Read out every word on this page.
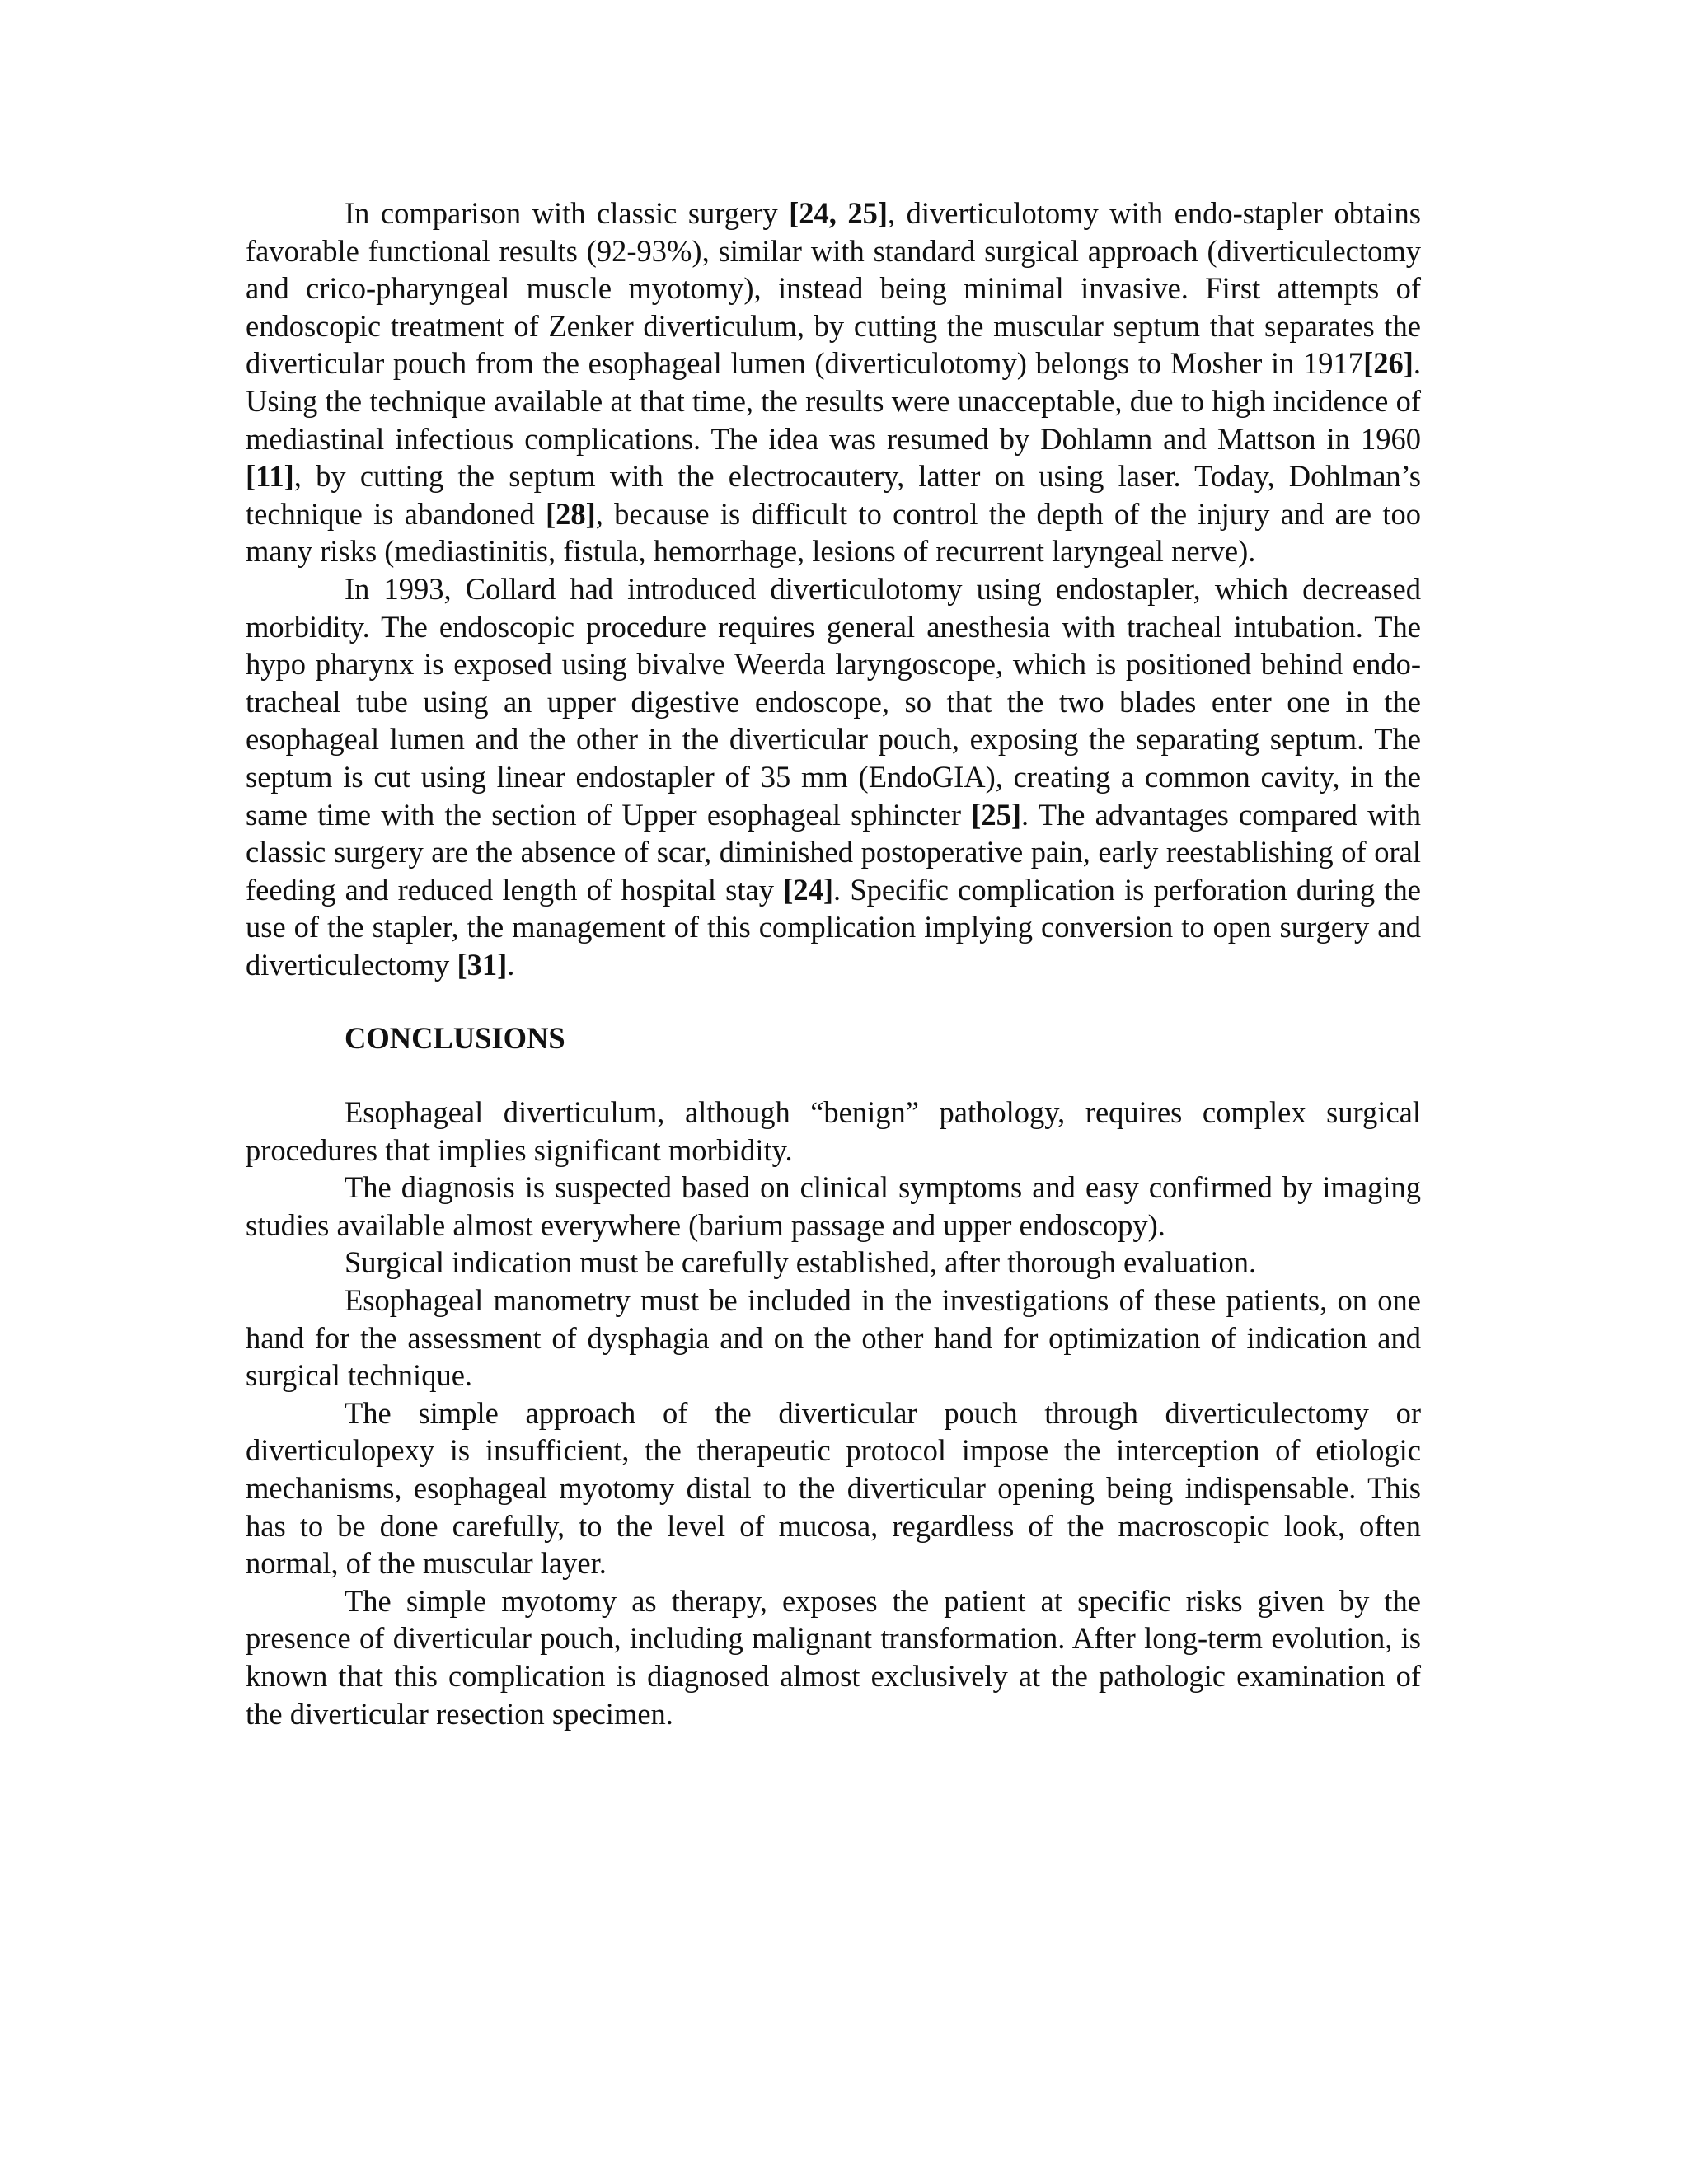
In comparison with classic surgery [24, 25], diverticulotomy with endo-stapler obtains favorable functional results (92-93%), similar with standard surgical approach (diverticulectomy and crico-pharyngeal muscle myotomy), instead being minimal invasive. First attempts of endoscopic treatment of Zenker diverticulum, by cutting the muscular septum that separates the diverticular pouch from the esophageal lumen (diverticulotomy) belongs to Mosher in 1917[26]. Using the technique available at that time, the results were unacceptable, due to high incidence of mediastinal infectious complications. The idea was resumed by Dohlamn and Mattson in 1960 [11], by cutting the septum with the electrocautery, latter on using laser. Today, Dohlman’s technique is abandoned [28], because is difficult to control the depth of the injury and are too many risks (mediastinitis, fistula, hemorrhage, lesions of recurrent laryngeal nerve).

In 1993, Collard had introduced diverticulotomy using endostapler, which decreased morbidity. The endoscopic procedure requires general anesthesia with tracheal intubation. The hypo pharynx is exposed using bivalve Weerda laryngoscope, which is positioned behind endo-tracheal tube using an upper digestive endoscope, so that the two blades enter one in the esophageal lumen and the other in the diverticular pouch, exposing the separating septum. The septum is cut using linear endostapler of 35 mm (EndoGIA), creating a common cavity, in the same time with the section of Upper esophageal sphincter [25]. The advantages compared with classic surgery are the absence of scar, diminished postoperative pain, early reestablishing of oral feeding and reduced length of hospital stay [24]. Specific complication is perforation during the use of the stapler, the management of this complication implying conversion to open surgery and diverticulectomy [31].

CONCLUSIONS

Esophageal diverticulum, although “benign” pathology, requires complex surgical procedures that implies significant morbidity.

The diagnosis is suspected based on clinical symptoms and easy confirmed by imaging studies available almost everywhere (barium passage and upper endoscopy).

Surgical indication must be carefully established, after thorough evaluation.

Esophageal manometry must be included in the investigations of these patients, on one hand for the assessment of dysphagia and on the other hand for optimization of indication and surgical technique.

The simple approach of the diverticular pouch through diverticulectomy or diverticulopexy is insufficient, the therapeutic protocol impose the interception of etiologic mechanisms, esophageal myotomy distal to the diverticular opening being indispensable. This has to be done carefully, to the level of mucosa, regardless of the macroscopic look, often normal, of the muscular layer.

The simple myotomy as therapy, exposes the patient at specific risks given by the presence of diverticular pouch, including malignant transformation. After long-term evolution, is known that this complication is diagnosed almost exclusively at the pathologic examination of the diverticular resection specimen.
